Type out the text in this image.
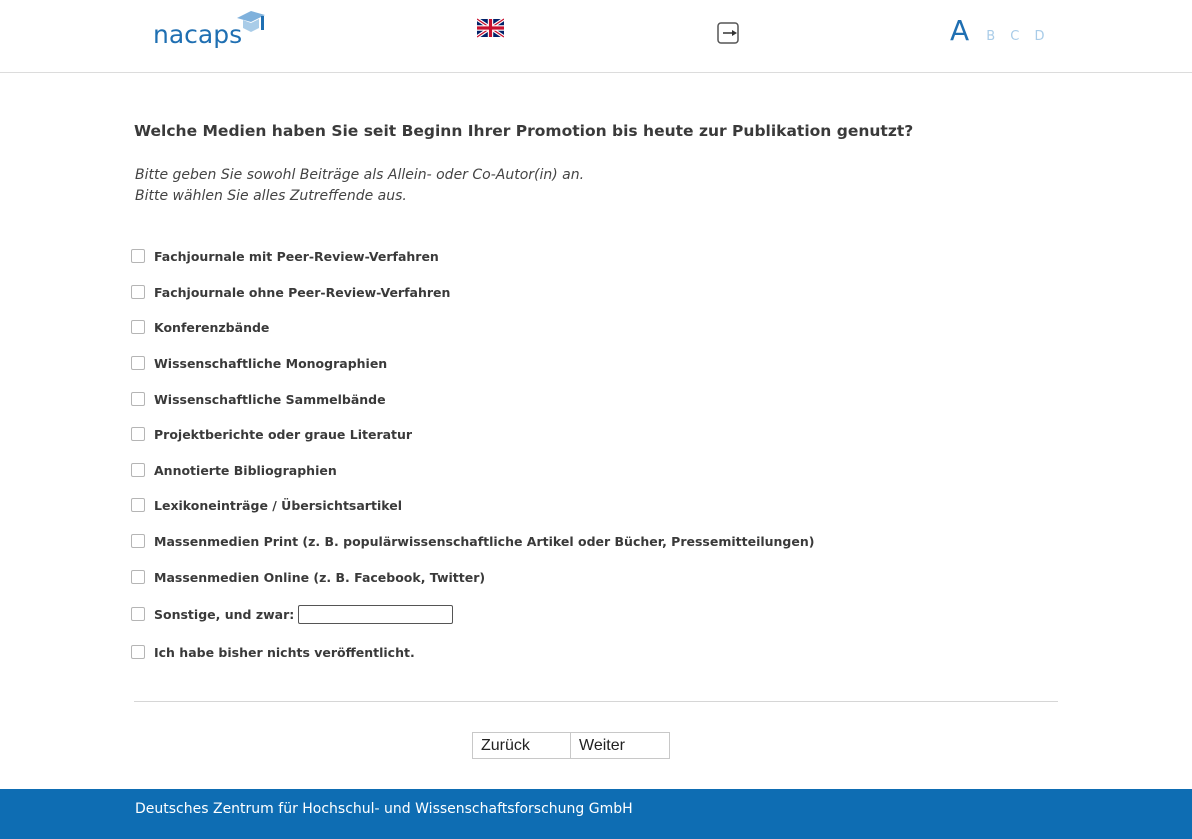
nacaps	A B C D
Welche Medien haben Sie seit Beginn Ihrer Promotion bis heute zur Publikation genutzt?
Bitte geben Sie sowohl Beiträge als Allein- oder Co-Autor(in) an.
Bitte wählen Sie alles Zutreffende aus.
Fachjournale mit Peer-Review-Verfahren
Fachjournale ohne Peer-Review-Verfahren
Konferenzbände
Wissenschaftliche Monographien
Wissenschaftliche Sammelbände
Projektberichte oder graue Literatur
Annotierte Bibliographien
Lexikoneinträge / Übersichtsartikel
Massenmedien Print (z. B. populärwissenschaftliche Artikel oder Bücher, Pressemitteilungen)
Massenmedien Online (z. B. Facebook, Twitter)
Sonstige, und zwar:
Ich habe bisher nichts veröffentlicht.
Zurück	Weiter
Deutsches Zentrum für Hochschul- und Wissenschaftsforschung GmbH
